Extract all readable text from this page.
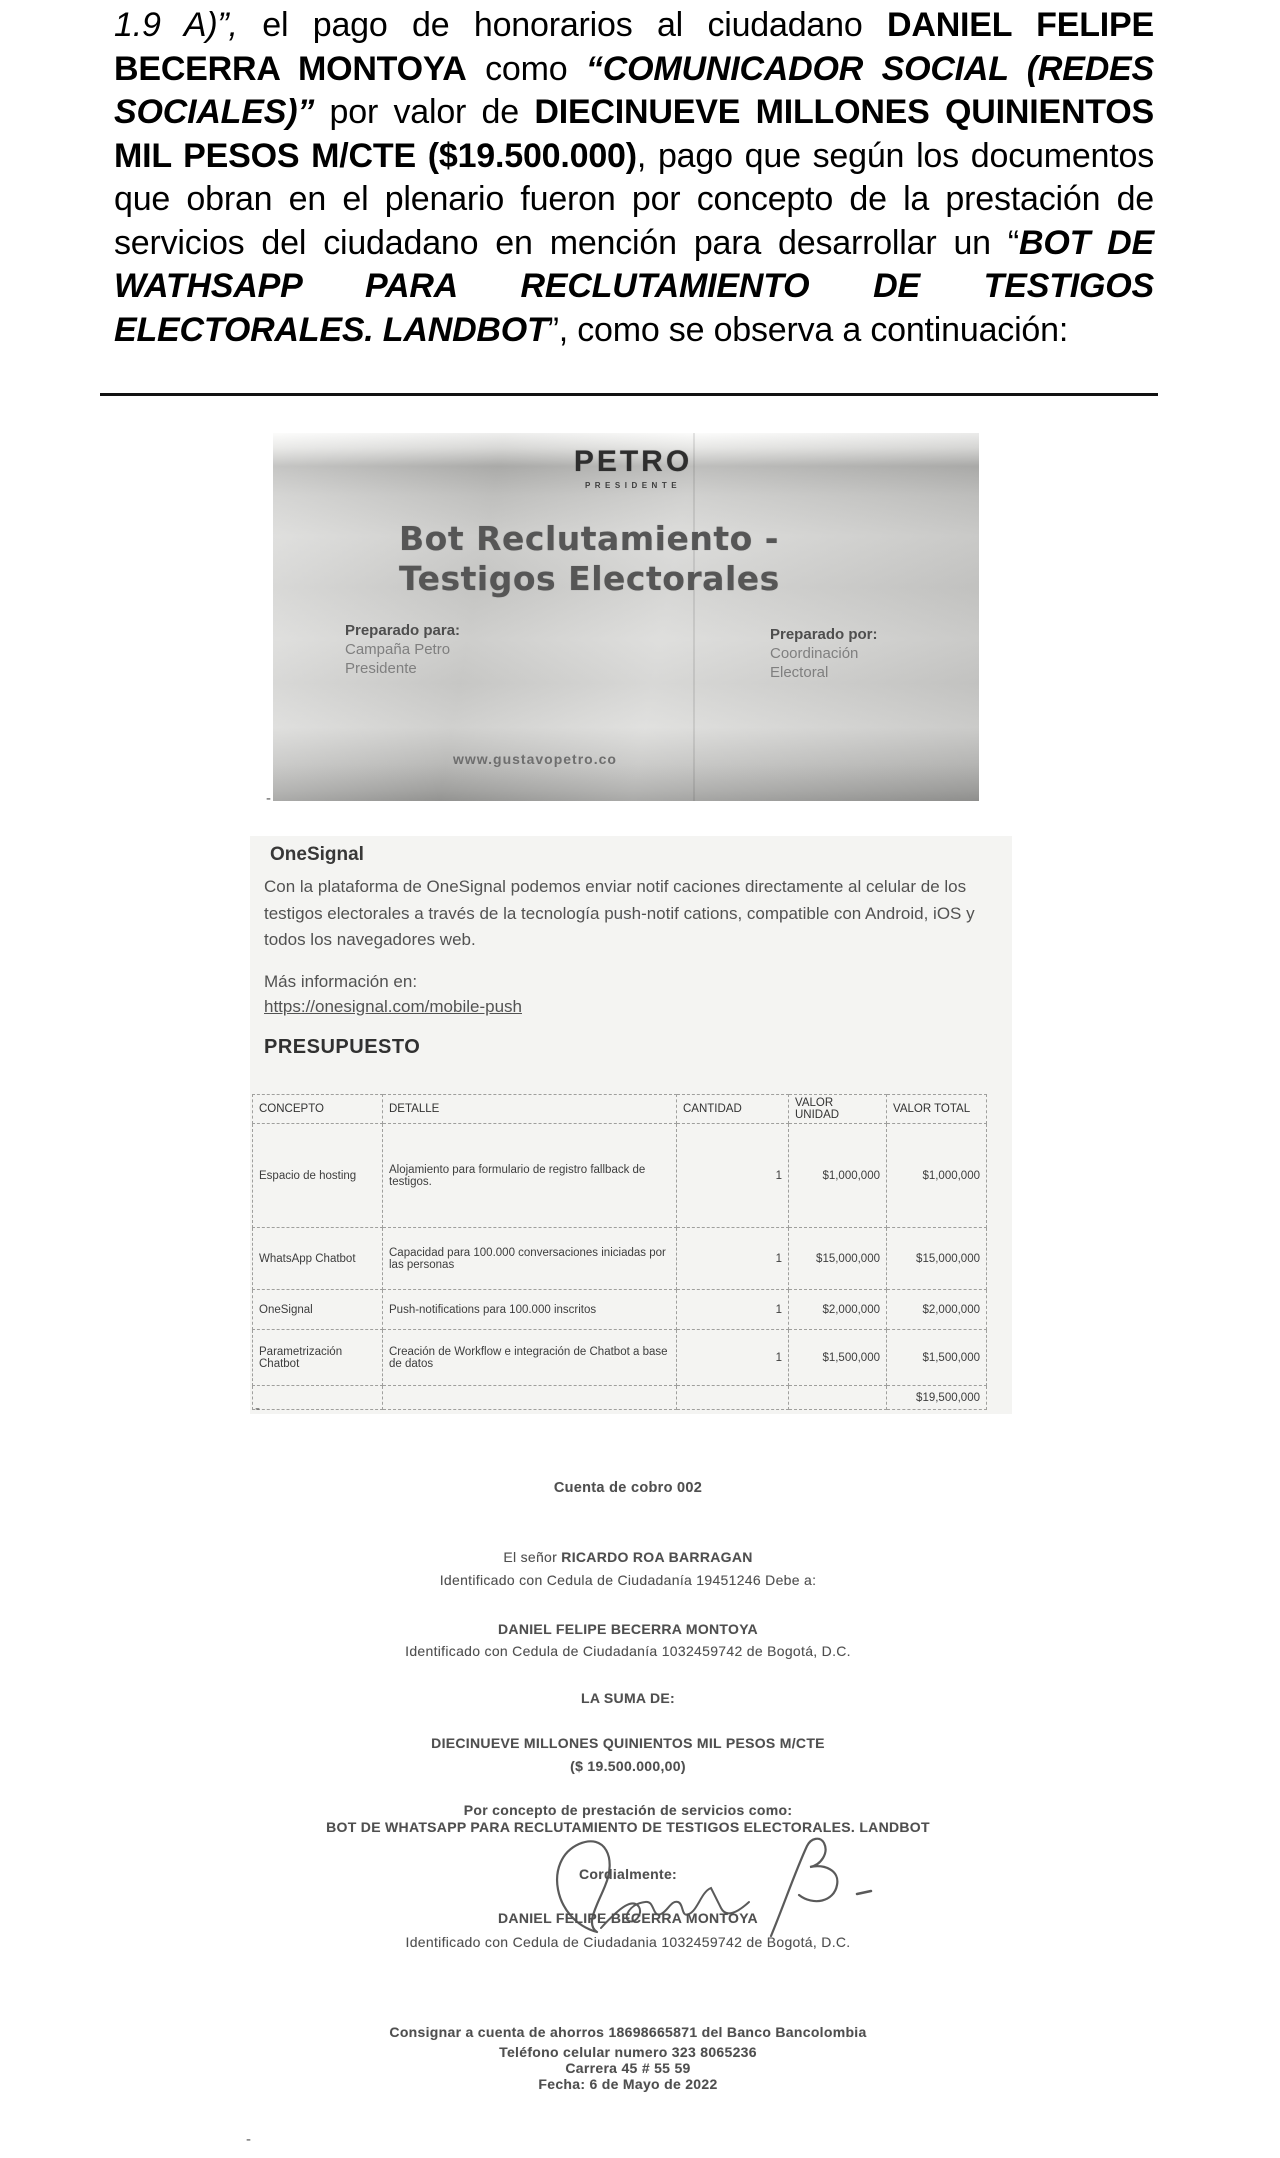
1.9 A)”, el pago de honorarios al ciudadano DANIEL FELIPE BECERRA MONTOYA como “COMUNICADOR SOCIAL (REDES SOCIALES)” por valor de DIECINUEVE MILLONES QUINIENTOS MIL PESOS M/CTE ($19.500.000), pago que según los documentos que obran en el plenario fueron por concepto de la prestación de servicios del ciudadano en mención para desarrollar un “BOT DE WATHSAPP PARA RECLUTAMIENTO DE TESTIGOS ELECTORALES. LANDBOT”, como se observa a continuación:
PETRO
PRESIDENTE
Bot Reclutamiento -
Testigos Electorales
Preparado para:
Campaña Petro
Presidente
Preparado por:
Coordinación
Electoral
www.gustavopetro.co
-
OneSignal
Con la plataforma de OneSignal podemos enviar notif caciones directamente al celular de los testigos electorales a través de la tecnología push-notif cations, compatible con Android, iOS y todos los navegadores web.
Más información en:
https://onesignal.com/mobile-push
PRESUPUESTO
CONCEPTO	DETALLE	CANTIDAD	VALOR UNIDAD	VALOR TOTAL
Espacio de hosting	Alojamiento para formulario de registro fallback de testigos.	1	$1,000,000	$1,000,000
WhatsApp Chatbot	Capacidad para 100.000 conversaciones iniciadas por las personas	1	$15,000,000	$15,000,000
OneSignal	Push-notifications para 100.000 inscritos	1	$2,000,000	$2,000,000
Parametrización Chatbot	Creación de Workflow e integración de Chatbot a base de datos	1	$1,500,000	$1,500,000
				$19,500,000
-
Cuenta de cobro 002
El señor RICARDO ROA BARRAGAN
Identificado con Cedula de Ciudadanía 19451246 Debe a:
DANIEL FELIPE BECERRA MONTOYA
Identificado con Cedula de Ciudadanía 1032459742 de Bogotá, D.C.
LA SUMA DE:
DIECINUEVE MILLONES QUINIENTOS MIL PESOS M/CTE
($ 19.500.000,00)
Por concepto de prestación de servicios como:
BOT DE WHATSAPP PARA RECLUTAMIENTO DE TESTIGOS ELECTORALES. LANDBOT
Cordialmente:
DANIEL FELIPE BECERRA MONTOYA
Identificado con Cedula de Ciudadania 1032459742 de Bogotá, D.C.
Consignar a cuenta de ahorros 18698665871 del Banco Bancolombia
Teléfono celular numero 323 8065236
Carrera 45 # 55 59
Fecha: 6 de Mayo de 2022
-
